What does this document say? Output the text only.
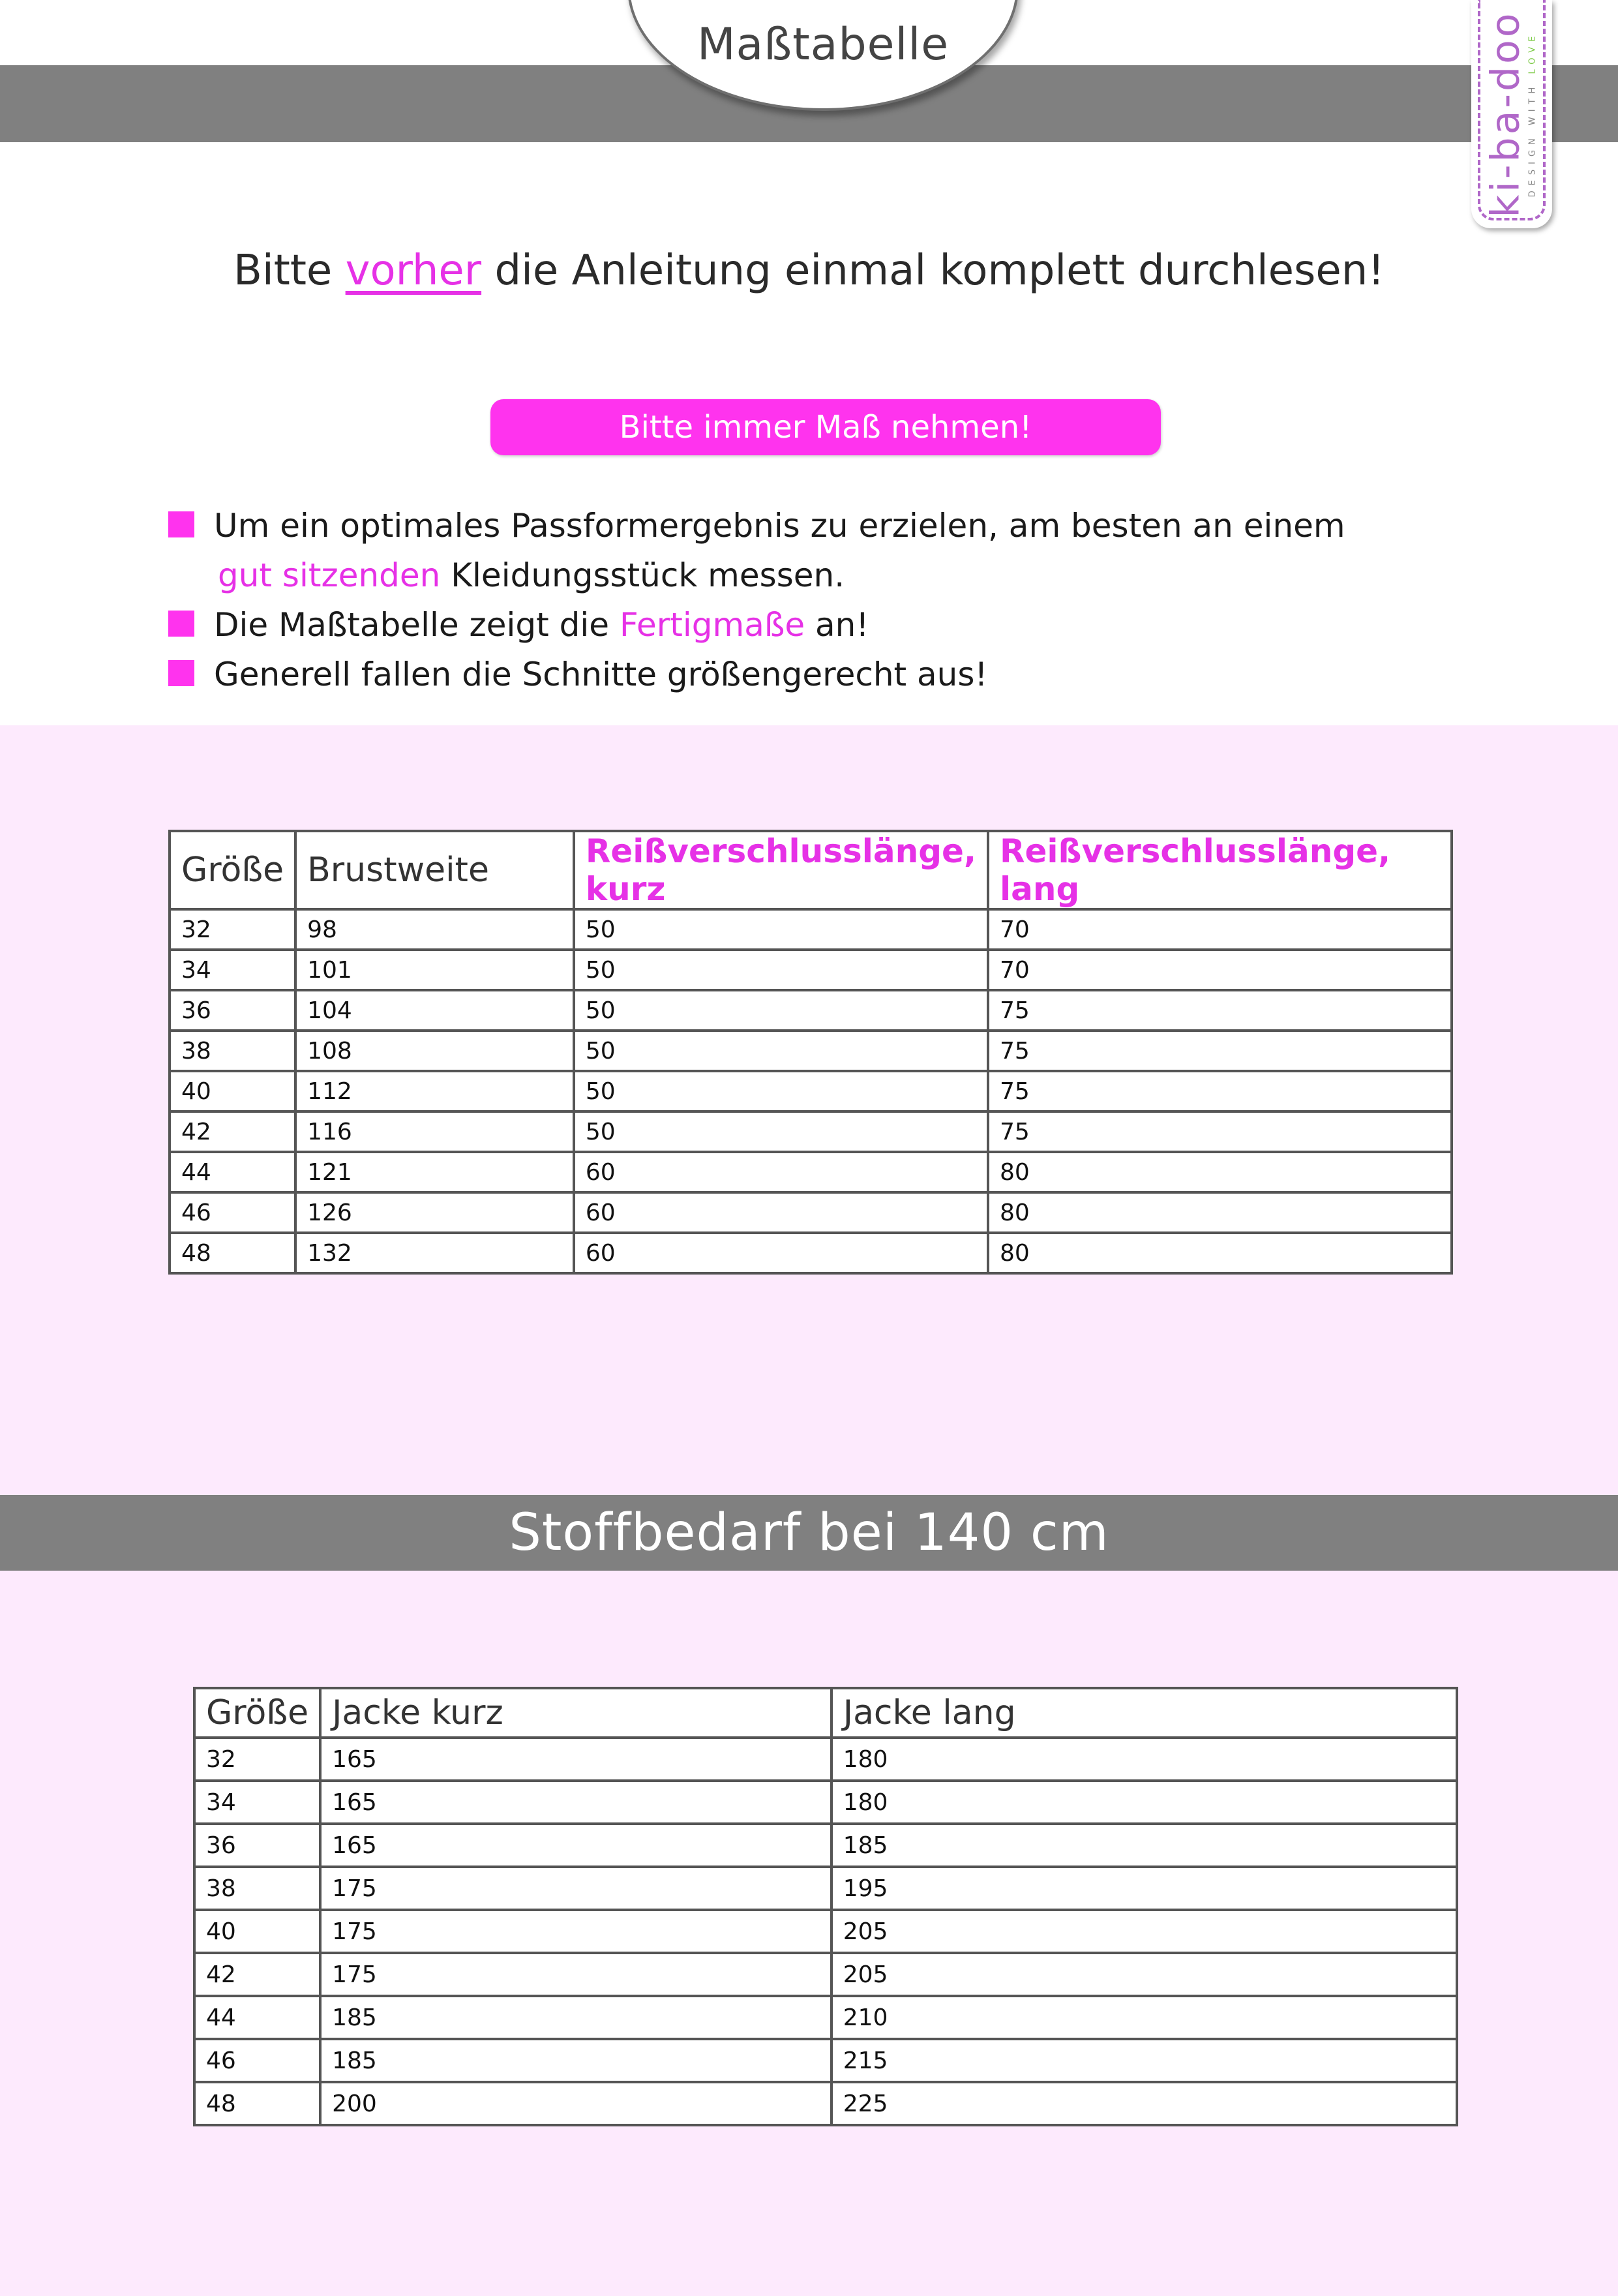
Maßtabelle	ki-ba-doo DESIGN WITH LOVE
Bitte vorher die Anleitung einmal komplett durchlesen!
Bitte immer Maß nehmen!
Um ein optimales Passformergebnis zu erzielen, am besten an einem
gut sitzenden Kleidungsstück messen.
Die Maßtabelle zeigt die Fertigmaße an!
Generell fallen die Schnitte größengerecht aus!
Größe	Brustweite	Reißverschlusslänge, kurz	Reißverschlusslänge, lang
32	98	50	70
34	101	50	70
36	104	50	75
38	108	50	75
40	112	50	75
42	116	50	75
44	121	60	80
46	126	60	80
48	132	60	80
Stoffbedarf bei 140 cm
Größe	Jacke kurz	Jacke lang
32	165	180
34	165	180
36	165	185
38	175	195
40	175	205
42	175	205
44	185	210
46	185	215
48	200	225
